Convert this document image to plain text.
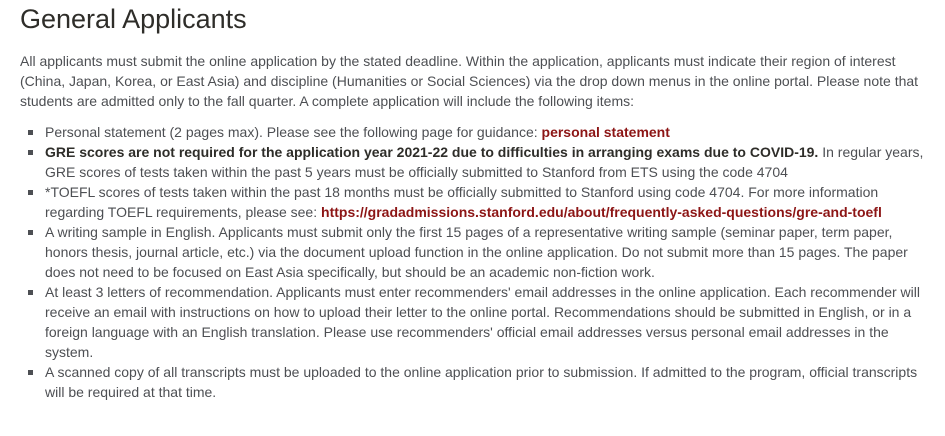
General Applicants

All applicants must submit the online application by the stated deadline. Within the application, applicants must indicate their region of interest (China, Japan, Korea, or East Asia) and discipline (Humanities or Social Sciences) via the drop down menus in the online portal. Please note that students are admitted only to the fall quarter. A complete application will include the following items:

Personal statement (2 pages max). Please see the following page for guidance: personal statement
GRE scores are not required for the application year 2021-22 due to difficulties in arranging exams due to COVID-19. In regular years, GRE scores of tests taken within the past 5 years must be officially submitted to Stanford from ETS using the code 4704
*TOEFL scores of tests taken within the past 18 months must be officially submitted to Stanford using code 4704. For more information regarding TOEFL requirements, please see: https://gradadmissions.stanford.edu/about/frequently-asked-questions/gre-and-toefl
A writing sample in English. Applicants must submit only the first 15 pages of a representative writing sample (seminar paper, term paper, honors thesis, journal article, etc.) via the document upload function in the online application. Do not submit more than 15 pages. The paper does not need to be focused on East Asia specifically, but should be an academic non-fiction work.
At least 3 letters of recommendation. Applicants must enter recommenders' email addresses in the online application. Each recommender will receive an email with instructions on how to upload their letter to the online portal. Recommendations should be submitted in English, or in a foreign language with an English translation. Please use recommenders' official email addresses versus personal email addresses in the system.
A scanned copy of all transcripts must be uploaded to the online application prior to submission. If admitted to the program, official transcripts will be required at that time.
